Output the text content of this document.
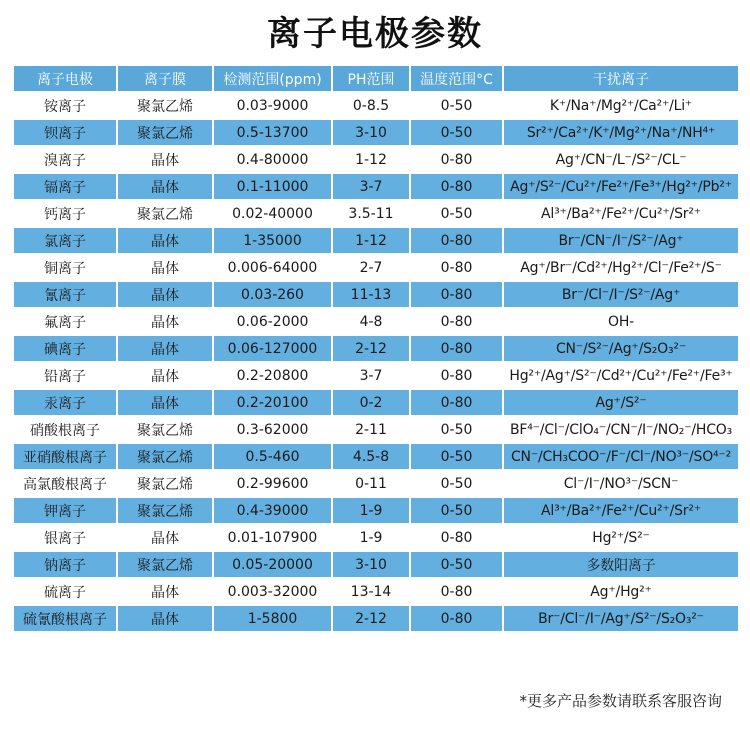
离子电极参数
离子电极	离子膜	检测范围(ppm)	PH范围	温度范围°C	干扰离子
铵离子	聚氯乙烯	0.03-9000	0-8.5	0-50	K⁺/Na⁺/Mg²⁺/Ca²⁺/Li⁺
钡离子	聚氯乙烯	0.5-13700	3-10	0-50	Sr²⁺/Ca²⁺/K⁺/Mg²⁺/Na⁺/NH⁴⁺
溴离子	晶体	0.4-80000	1-12	0-80	Ag⁺/CN⁻/L⁻/S²⁻/CL⁻
镉离子	晶体	0.1-11000	3-7	0-80	Ag⁺/S²⁻/Cu²⁺/Fe²⁺/Fe³⁺/Hg²⁺/Pb²⁺
钙离子	聚氯乙烯	0.02-40000	3.5-11	0-50	Al³⁺/Ba²⁺/Fe²⁺/Cu²⁺/Sr²⁺
氯离子	晶体	1-35000	1-12	0-80	Br⁻/CN⁻/I⁻/S²⁻/Ag⁺
铜离子	晶体	0.006-64000	2-7	0-80	Ag⁺/Br⁻/Cd²⁺/Hg²⁺/Cl⁻/Fe²⁺/S⁻
氰离子	晶体	0.03-260	11-13	0-80	Br⁻/Cl⁻/I⁻/S²⁻/Ag⁺
氟离子	晶体	0.06-2000	4-8	0-80	OH-
碘离子	晶体	0.06-127000	2-12	0-80	CN⁻/S²⁻/Ag⁺/S₂O₃²⁻
铅离子	晶体	0.2-20800	3-7	0-80	Hg²⁺/Ag⁺/S²⁻/Cd²⁺/Cu²⁺/Fe²⁺/Fe³⁺
汞离子	晶体	0.2-20100	0-2	0-80	Ag⁺/S²⁻
硝酸根离子	聚氯乙烯	0.3-62000	2-11	0-50	BF⁴⁻/Cl⁻/ClO₄⁻/CN⁻/I⁻/NO₂⁻/HCO₃
亚硝酸根离子	聚氯乙烯	0.5-460	4.5-8	0-50	CN⁻/CH₃COO⁻/F⁻/Cl⁻/NO³⁻/SO⁴⁻²
高氯酸根离子	聚氯乙烯	0.2-99600	0-11	0-50	Cl⁻/I⁻/NO³⁻/SCN⁻
钾离子	聚氯乙烯	0.4-39000	1-9	0-50	Al³⁺/Ba²⁺/Fe²⁺/Cu²⁺/Sr²⁺
银离子	晶体	0.01-107900	1-9	0-80	Hg²⁺/S²⁻
钠离子	聚氯乙烯	0.05-20000	3-10	0-50	多数阳离子
硫离子	晶体	0.003-32000	13-14	0-80	Ag⁺/Hg²⁺
硫氰酸根离子	晶体	1-5800	2-12	0-80	Br⁻/Cl⁻/I⁻/Ag⁺/S²⁻/S₂O₃²⁻
*更多产品参数请联系客服咨询
